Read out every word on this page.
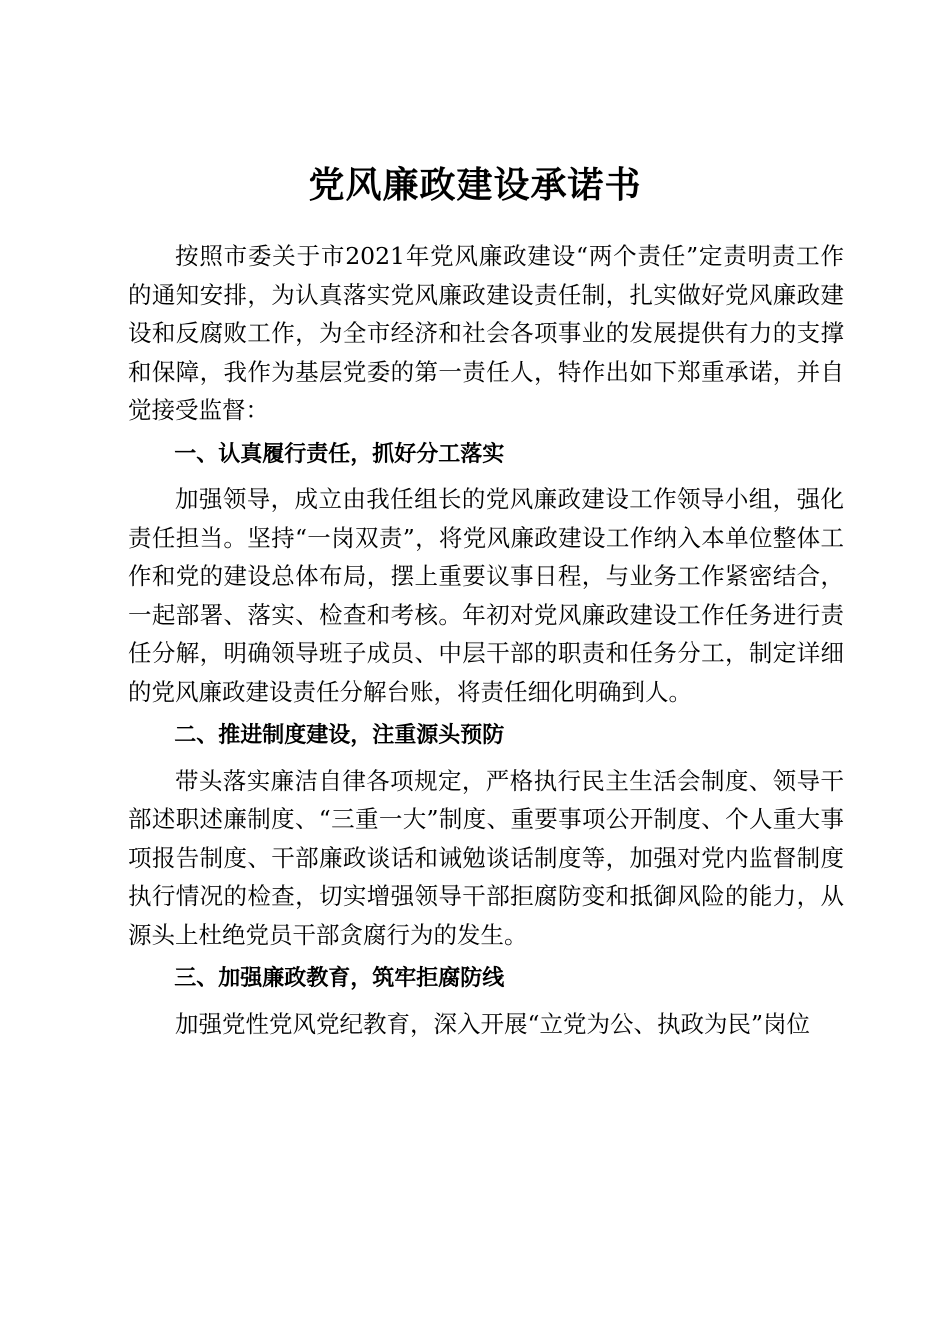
党风廉政建设承诺书

按照市委关于市2021年党风廉政建设“两个责任”定责明责工作的通知安排，为认真落实党风廉政建设责任制，扎实做好党风廉政建设和反腐败工作，为全市经济和社会各项事业的发展提供有力的支撑和保障，我作为基层党委的第一责任人，特作出如下郑重承诺，并自觉接受监督：

一、认真履行责任，抓好分工落实

加强领导，成立由我任组长的党风廉政建设工作领导小组，强化责任担当。坚持“一岗双责”，将党风廉政建设工作纳入本单位整体工作和党的建设总体布局，摆上重要议事日程，与业务工作紧密结合，一起部署、落实、检查和考核。年初对党风廉政建设工作任务进行责任分解，明确领导班子成员、中层干部的职责和任务分工，制定详细的党风廉政建设责任分解台账，将责任细化明确到人。

二、推进制度建设，注重源头预防

带头落实廉洁自律各项规定，严格执行民主生活会制度、领导干部述职述廉制度、“三重一大”制度、重要事项公开制度、个人重大事项报告制度、干部廉政谈话和诫勉谈话制度等，加强对党内监督制度执行情况的检查，切实增强领导干部拒腐防变和抵御风险的能力，从源头上杜绝党员干部贪腐行为的发生。

三、加强廉政教育，筑牢拒腐防线

加强党性党风党纪教育，深入开展“立党为公、执政为民”岗位
